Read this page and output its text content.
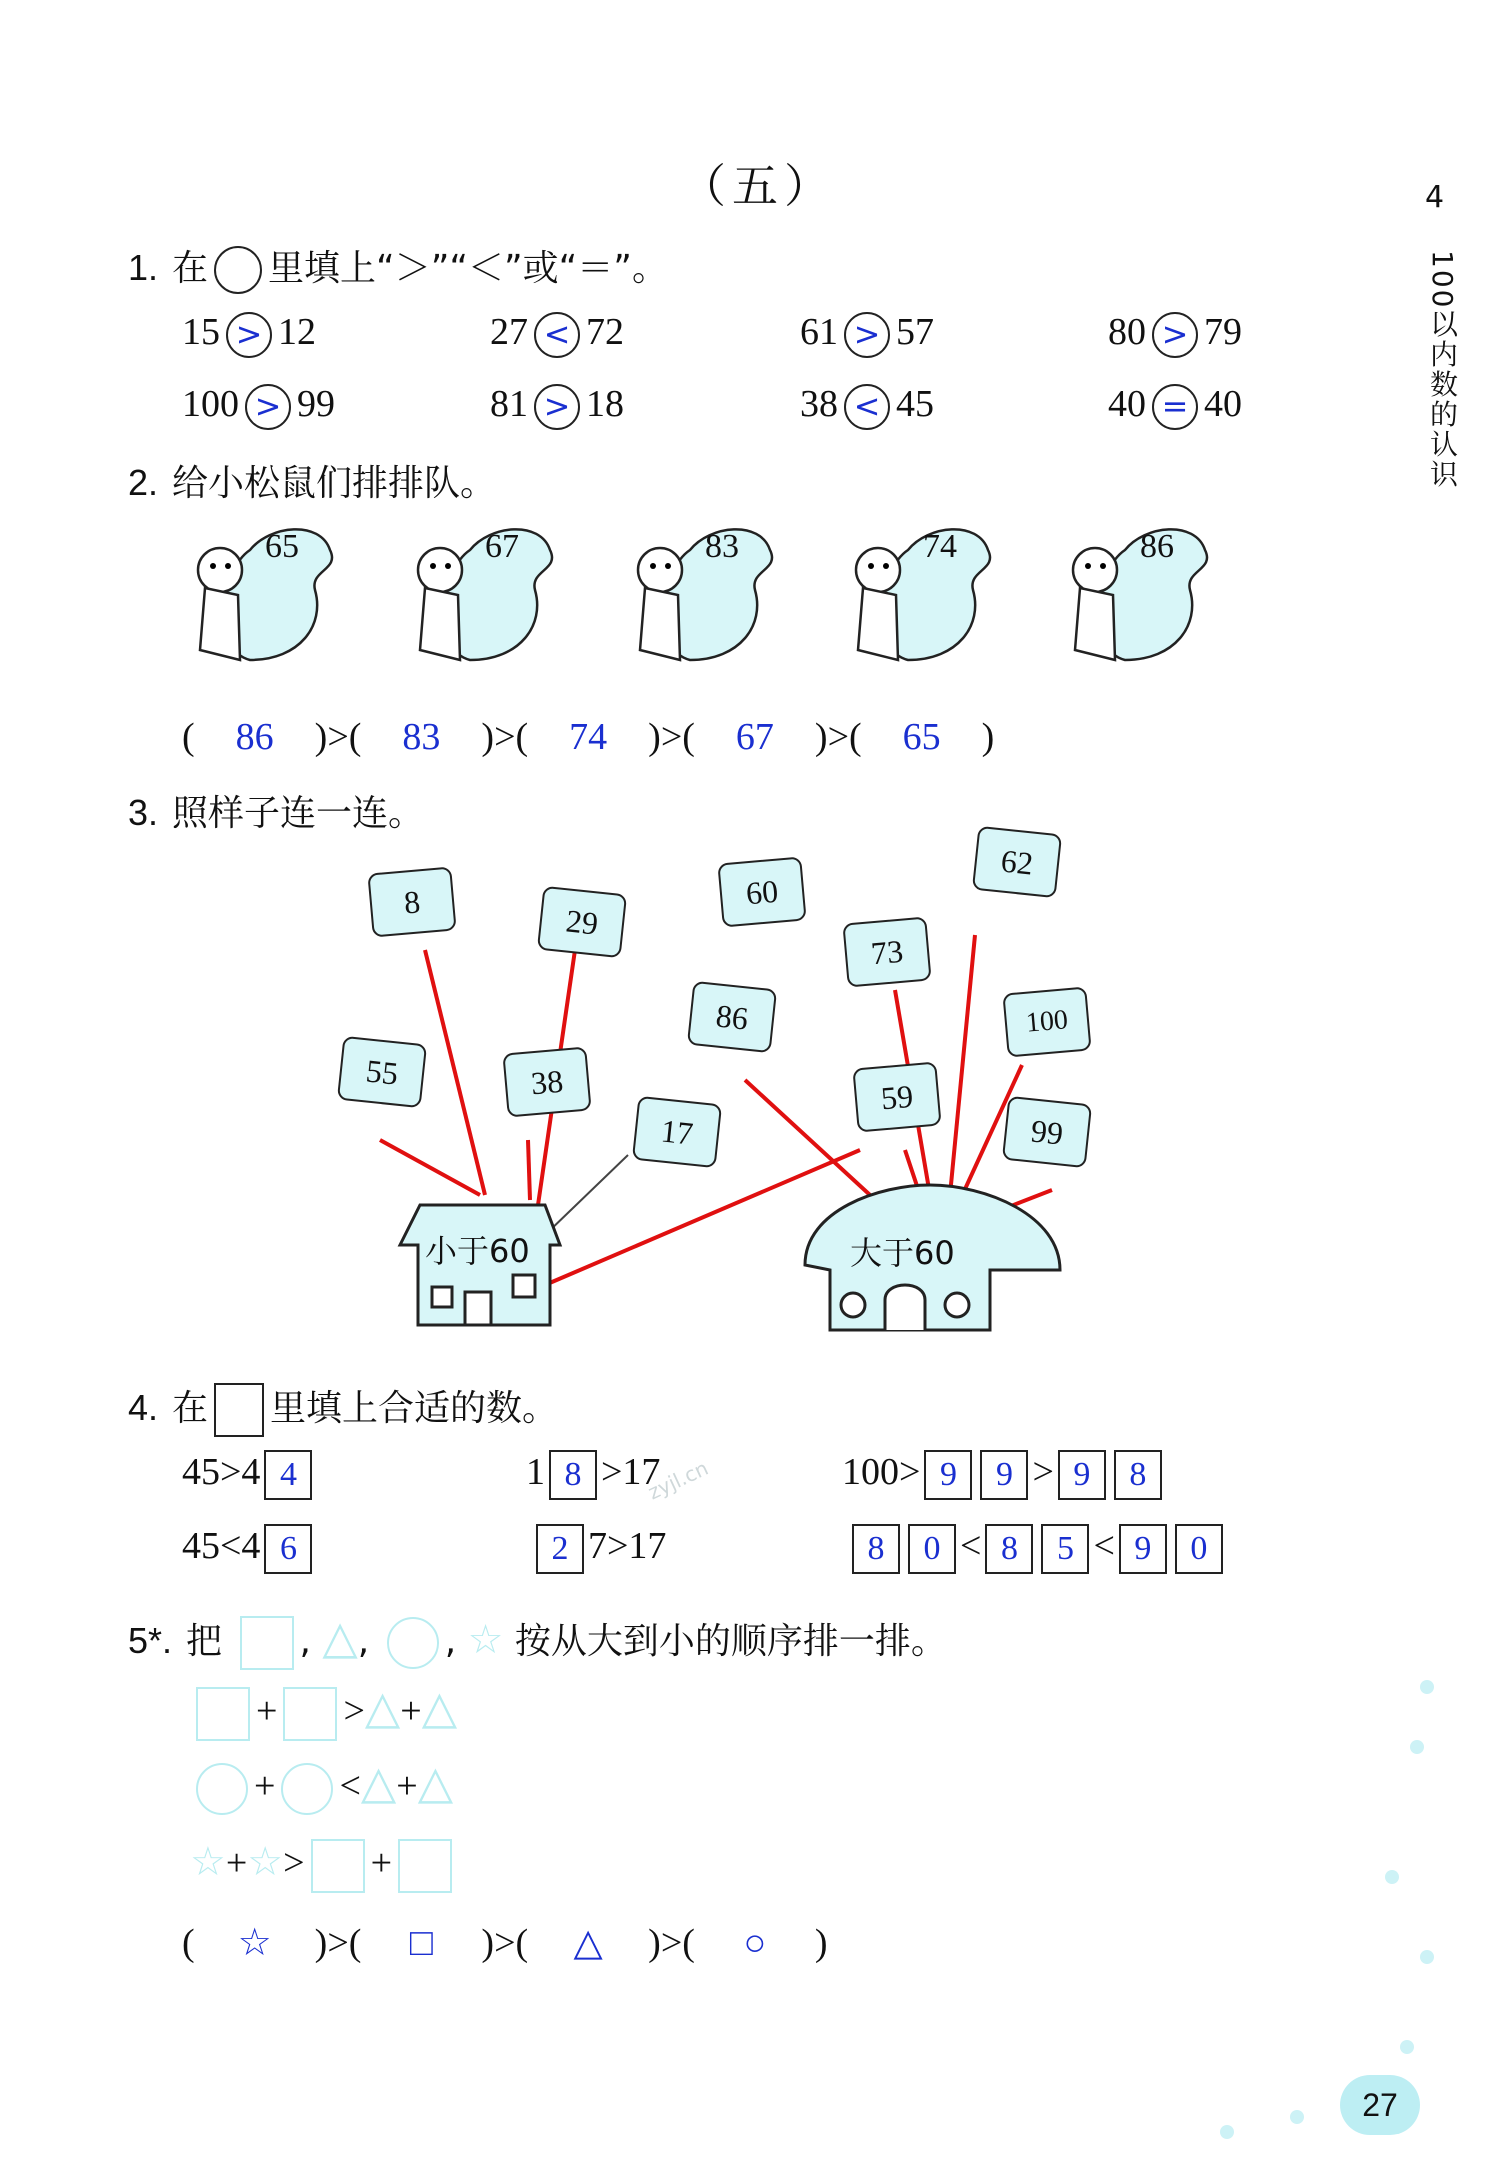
（五）	4
100以内数的认识
1. 在 里填上“＞”“＜”或“＝”。
15 > 12	27 < 72	61 > 57	80 > 79
100 > 99	81 > 18	38 < 45	40 = 40
2. 给小松鼠们排排队。
65	67	83	74	86
( 86 )>( 83 )>( 74 )>( 67 )>( 65 )
3. 照样子连一连。
zyjl.cn
8
29
60
62
73
86	100
55	38
17
59
99
小于60	大于60
4. 在 里填上合适的数。
45>4 4	1 8 >17	100> 9 9 > 9 8
45<4 6	2 7>17	8 0 < 8 5 < 9 0
5*. 把 , △, , ☆ 按从大到小的顺序排一排。
+ >△+△
+ <△+△
☆+☆> +
( ☆ )>( □ )>( △ )>( ○ )
27
